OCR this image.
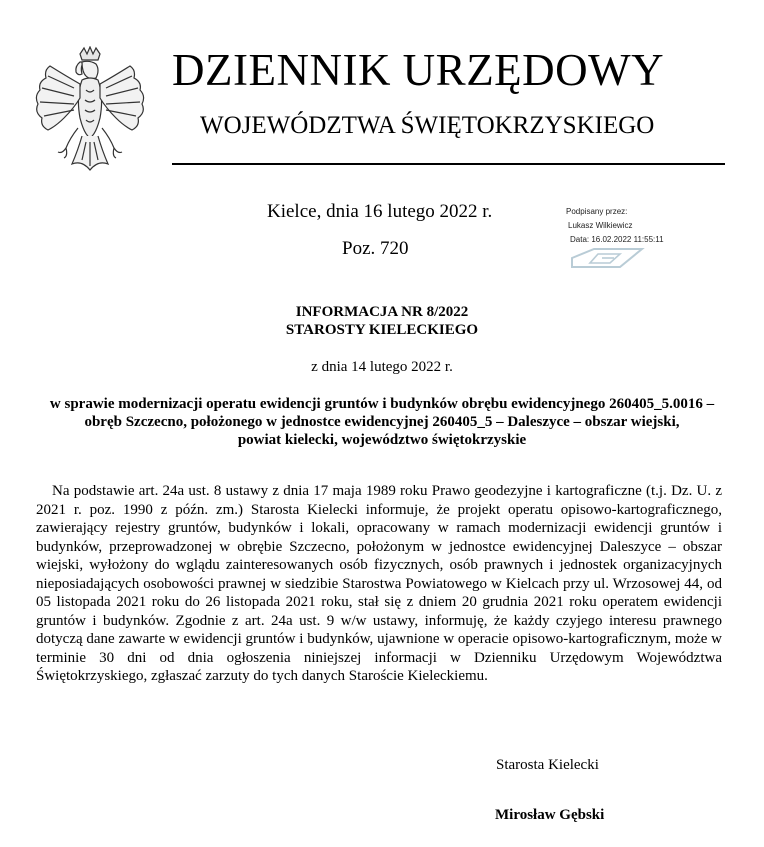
DZIENNIK URZĘDOWY
WOJEWÓDZTWA ŚWIĘTOKRZYSKIEGO
Kielce, dnia 16 lutego 2022 r.
Poz. 720
Podpisany przez:
Lukasz Wilkiewicz
Data: 16.02.2022 11:55:11
INFORMACJA NR 8/2022
STAROSTY KIELECKIEGO
z dnia 14 lutego 2022 r.
w sprawie modernizacji operatu ewidencji gruntów i budynków obrębu ewidencyjnego 260405_5.0016 –
obręb Szczecno, położonego w jednostce ewidencyjnej 260405_5 – Daleszyce – obszar wiejski,
powiat kielecki, województwo świętokrzyskie

Na podstawie art. 24a ust. 8 ustawy z dnia 17 maja 1989 roku Prawo geodezyjne i kartograficzne (t.j. Dz. U. z 2021 r. poz. 1990 z późn. zm.) Starosta Kielecki informuje, że projekt operatu opisowo-kartograficznego, zawierający rejestry gruntów, budynków i lokali, opracowany w ramach modernizacji ewidencji gruntów i budynków, przeprowadzonej w obrębie Szczecno, położonym w jednostce ewidencyjnej Daleszyce – obszar wiejski, wyłożony do wglądu zainteresowanych osób fizycznych, osób prawnych i jednostek organizacyjnych nieposiadających osobowości prawnej w siedzibie Starostwa Powiatowego w Kielcach przy ul. Wrzosowej 44, od 05 listopada 2021 roku do 26 listopada 2021 roku, stał się z dniem 20 grudnia 2021 roku operatem ewidencji gruntów i budynków. Zgodnie z art. 24a ust. 9 w/w ustawy, informuję, że każdy czyjego interesu prawnego dotyczą dane zawarte w ewidencji gruntów i budynków, ujawnione w operacie opisowo-kartograficznym, może w terminie 30 dni od dnia ogłoszenia niniejszej informacji w Dzienniku Urzędowym Województwa Świętokrzyskiego, zgłaszać zarzuty do tych danych Staroście Kieleckiemu.

Starosta Kielecki
Mirosław Gębski
